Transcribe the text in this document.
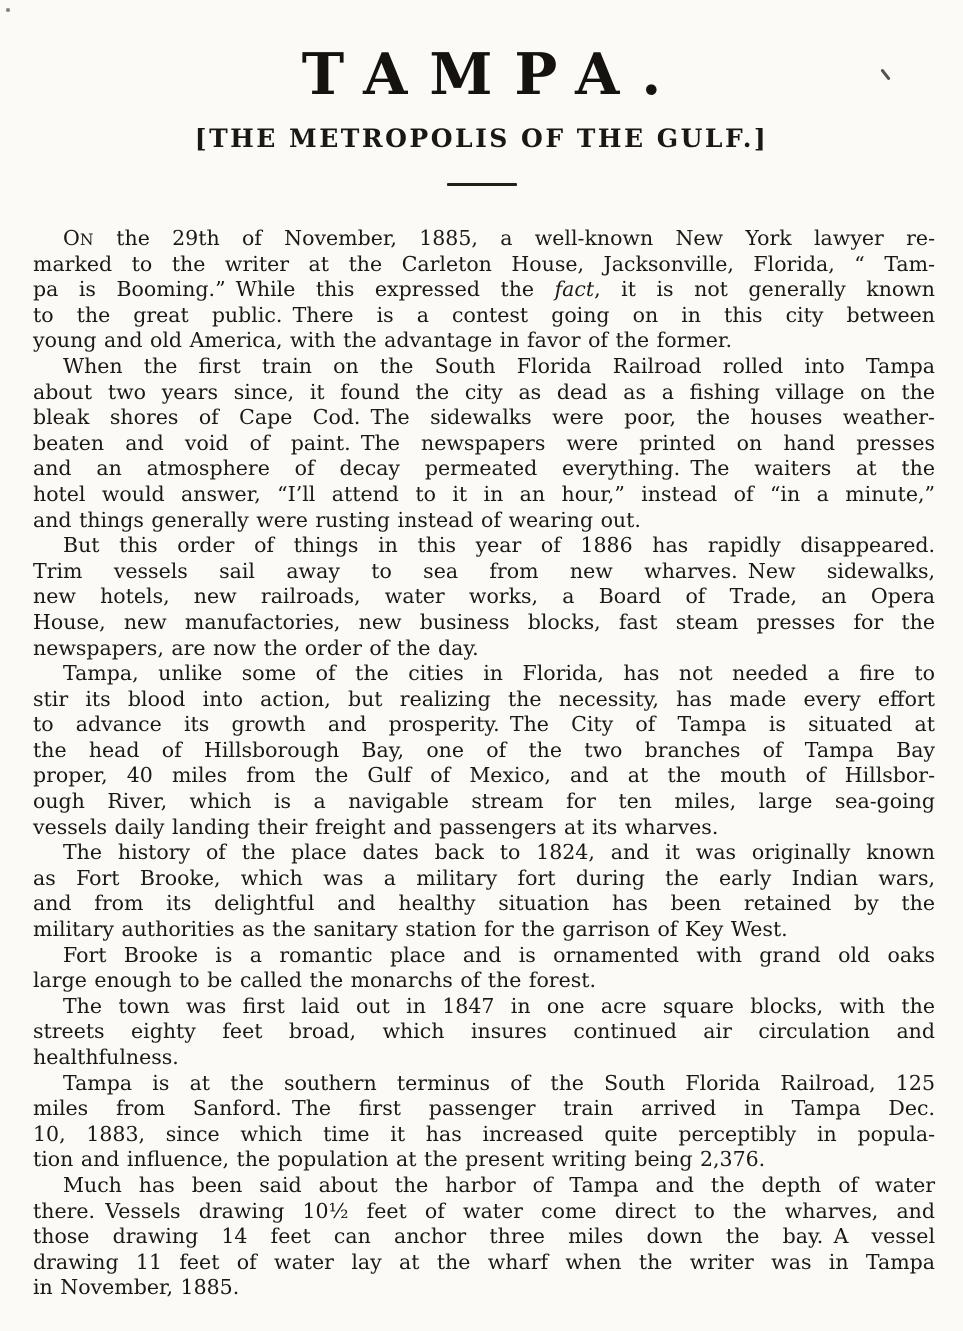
TAMPA.
[THE METROPOLIS OF THE GULF.]
ON the 29th of November, 1885, a well-known New York lawyer re-
marked to the writer at the Carleton House, Jacksonville, Florida, “ Tam-
pa is Booming.” While this expressed the fact, it is not generally known
to the great public. There is a contest going on in this city between
young and old America, with the advantage in favor of the former.
When the first train on the South Florida Railroad rolled into Tampa
about two years since, it found the city as dead as a fishing village on the
bleak shores of Cape Cod. The sidewalks were poor, the houses weather-
beaten and void of paint. The newspapers were printed on hand presses
and an atmosphere of decay permeated everything. The waiters at the
hotel would answer, “I’ll attend to it in an hour,” instead of “in a minute,”
and things generally were rusting instead of wearing out.
But this order of things in this year of 1886 has rapidly disappeared.
Trim vessels sail away to sea from new wharves. New sidewalks,
new hotels, new railroads, water works, a Board of Trade, an Opera
House, new manufactories, new business blocks, fast steam presses for the
newspapers, are now the order of the day.
Tampa, unlike some of the cities in Florida, has not needed a fire to
stir its blood into action, but realizing the necessity, has made every effort
to advance its growth and prosperity. The City of Tampa is situated at
the head of Hillsborough Bay, one of the two branches of Tampa Bay
proper, 40 miles from the Gulf of Mexico, and at the mouth of Hillsbor-
ough River, which is a navigable stream for ten miles, large sea-going
vessels daily landing their freight and passengers at its wharves.
The history of the place dates back to 1824, and it was originally known
as Fort Brooke, which was a military fort during the early Indian wars,
and from its delightful and healthy situation has been retained by the
military authorities as the sanitary station for the garrison of Key West.
Fort Brooke is a romantic place and is ornamented with grand old oaks
large enough to be called the monarchs of the forest.
The town was first laid out in 1847 in one acre square blocks, with the
streets eighty feet broad, which insures continued air circulation and
healthfulness.
Tampa is at the southern terminus of the South Florida Railroad, 125
miles from Sanford. The first passenger train arrived in Tampa Dec.
10, 1883, since which time it has increased quite perceptibly in popula-
tion and influence, the population at the present writing being 2,376.
Much has been said about the harbor of Tampa and the depth of water
there. Vessels drawing 10½ feet of water come direct to the wharves, and
those drawing 14 feet can anchor three miles down the bay. A vessel
drawing 11 feet of water lay at the wharf when the writer was in Tampa
in November, 1885.
